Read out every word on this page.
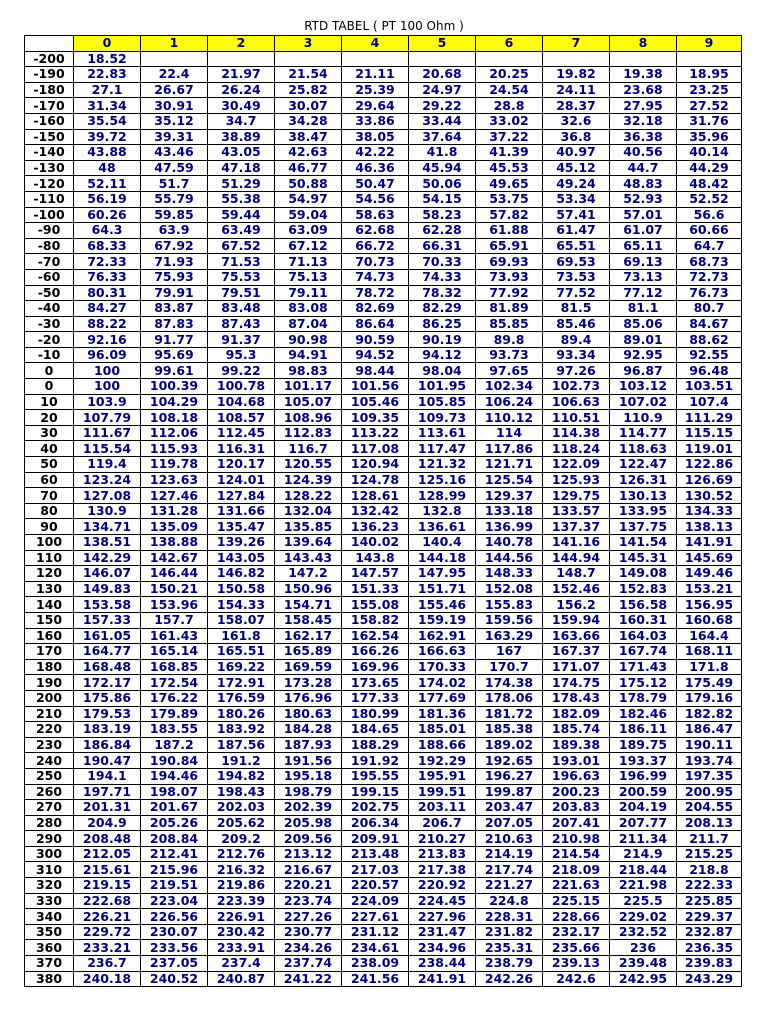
RTD TABEL ( PT 100 Ohm )
	0	1	2	3	4	5	6	7	8	9
-200	18.52									
-190	22.83	22.4	21.97	21.54	21.11	20.68	20.25	19.82	19.38	18.95
-180	27.1	26.67	26.24	25.82	25.39	24.97	24.54	24.11	23.68	23.25
-170	31.34	30.91	30.49	30.07	29.64	29.22	28.8	28.37	27.95	27.52
-160	35.54	35.12	34.7	34.28	33.86	33.44	33.02	32.6	32.18	31.76
-150	39.72	39.31	38.89	38.47	38.05	37.64	37.22	36.8	36.38	35.96
-140	43.88	43.46	43.05	42.63	42.22	41.8	41.39	40.97	40.56	40.14
-130	48	47.59	47.18	46.77	46.36	45.94	45.53	45.12	44.7	44.29
-120	52.11	51.7	51.29	50.88	50.47	50.06	49.65	49.24	48.83	48.42
-110	56.19	55.79	55.38	54.97	54.56	54.15	53.75	53.34	52.93	52.52
-100	60.26	59.85	59.44	59.04	58.63	58.23	57.82	57.41	57.01	56.6
-90	64.3	63.9	63.49	63.09	62.68	62.28	61.88	61.47	61.07	60.66
-80	68.33	67.92	67.52	67.12	66.72	66.31	65.91	65.51	65.11	64.7
-70	72.33	71.93	71.53	71.13	70.73	70.33	69.93	69.53	69.13	68.73
-60	76.33	75.93	75.53	75.13	74.73	74.33	73.93	73.53	73.13	72.73
-50	80.31	79.91	79.51	79.11	78.72	78.32	77.92	77.52	77.12	76.73
-40	84.27	83.87	83.48	83.08	82.69	82.29	81.89	81.5	81.1	80.7
-30	88.22	87.83	87.43	87.04	86.64	86.25	85.85	85.46	85.06	84.67
-20	92.16	91.77	91.37	90.98	90.59	90.19	89.8	89.4	89.01	88.62
-10	96.09	95.69	95.3	94.91	94.52	94.12	93.73	93.34	92.95	92.55
0	100	99.61	99.22	98.83	98.44	98.04	97.65	97.26	96.87	96.48
0	100	100.39	100.78	101.17	101.56	101.95	102.34	102.73	103.12	103.51
10	103.9	104.29	104.68	105.07	105.46	105.85	106.24	106.63	107.02	107.4
20	107.79	108.18	108.57	108.96	109.35	109.73	110.12	110.51	110.9	111.29
30	111.67	112.06	112.45	112.83	113.22	113.61	114	114.38	114.77	115.15
40	115.54	115.93	116.31	116.7	117.08	117.47	117.86	118.24	118.63	119.01
50	119.4	119.78	120.17	120.55	120.94	121.32	121.71	122.09	122.47	122.86
60	123.24	123.63	124.01	124.39	124.78	125.16	125.54	125.93	126.31	126.69
70	127.08	127.46	127.84	128.22	128.61	128.99	129.37	129.75	130.13	130.52
80	130.9	131.28	131.66	132.04	132.42	132.8	133.18	133.57	133.95	134.33
90	134.71	135.09	135.47	135.85	136.23	136.61	136.99	137.37	137.75	138.13
100	138.51	138.88	139.26	139.64	140.02	140.4	140.78	141.16	141.54	141.91
110	142.29	142.67	143.05	143.43	143.8	144.18	144.56	144.94	145.31	145.69
120	146.07	146.44	146.82	147.2	147.57	147.95	148.33	148.7	149.08	149.46
130	149.83	150.21	150.58	150.96	151.33	151.71	152.08	152.46	152.83	153.21
140	153.58	153.96	154.33	154.71	155.08	155.46	155.83	156.2	156.58	156.95
150	157.33	157.7	158.07	158.45	158.82	159.19	159.56	159.94	160.31	160.68
160	161.05	161.43	161.8	162.17	162.54	162.91	163.29	163.66	164.03	164.4
170	164.77	165.14	165.51	165.89	166.26	166.63	167	167.37	167.74	168.11
180	168.48	168.85	169.22	169.59	169.96	170.33	170.7	171.07	171.43	171.8
190	172.17	172.54	172.91	173.28	173.65	174.02	174.38	174.75	175.12	175.49
200	175.86	176.22	176.59	176.96	177.33	177.69	178.06	178.43	178.79	179.16
210	179.53	179.89	180.26	180.63	180.99	181.36	181.72	182.09	182.46	182.82
220	183.19	183.55	183.92	184.28	184.65	185.01	185.38	185.74	186.11	186.47
230	186.84	187.2	187.56	187.93	188.29	188.66	189.02	189.38	189.75	190.11
240	190.47	190.84	191.2	191.56	191.92	192.29	192.65	193.01	193.37	193.74
250	194.1	194.46	194.82	195.18	195.55	195.91	196.27	196.63	196.99	197.35
260	197.71	198.07	198.43	198.79	199.15	199.51	199.87	200.23	200.59	200.95
270	201.31	201.67	202.03	202.39	202.75	203.11	203.47	203.83	204.19	204.55
280	204.9	205.26	205.62	205.98	206.34	206.7	207.05	207.41	207.77	208.13
290	208.48	208.84	209.2	209.56	209.91	210.27	210.63	210.98	211.34	211.7
300	212.05	212.41	212.76	213.12	213.48	213.83	214.19	214.54	214.9	215.25
310	215.61	215.96	216.32	216.67	217.03	217.38	217.74	218.09	218.44	218.8
320	219.15	219.51	219.86	220.21	220.57	220.92	221.27	221.63	221.98	222.33
330	222.68	223.04	223.39	223.74	224.09	224.45	224.8	225.15	225.5	225.85
340	226.21	226.56	226.91	227.26	227.61	227.96	228.31	228.66	229.02	229.37
350	229.72	230.07	230.42	230.77	231.12	231.47	231.82	232.17	232.52	232.87
360	233.21	233.56	233.91	234.26	234.61	234.96	235.31	235.66	236	236.35
370	236.7	237.05	237.4	237.74	238.09	238.44	238.79	239.13	239.48	239.83
380	240.18	240.52	240.87	241.22	241.56	241.91	242.26	242.6	242.95	243.29
